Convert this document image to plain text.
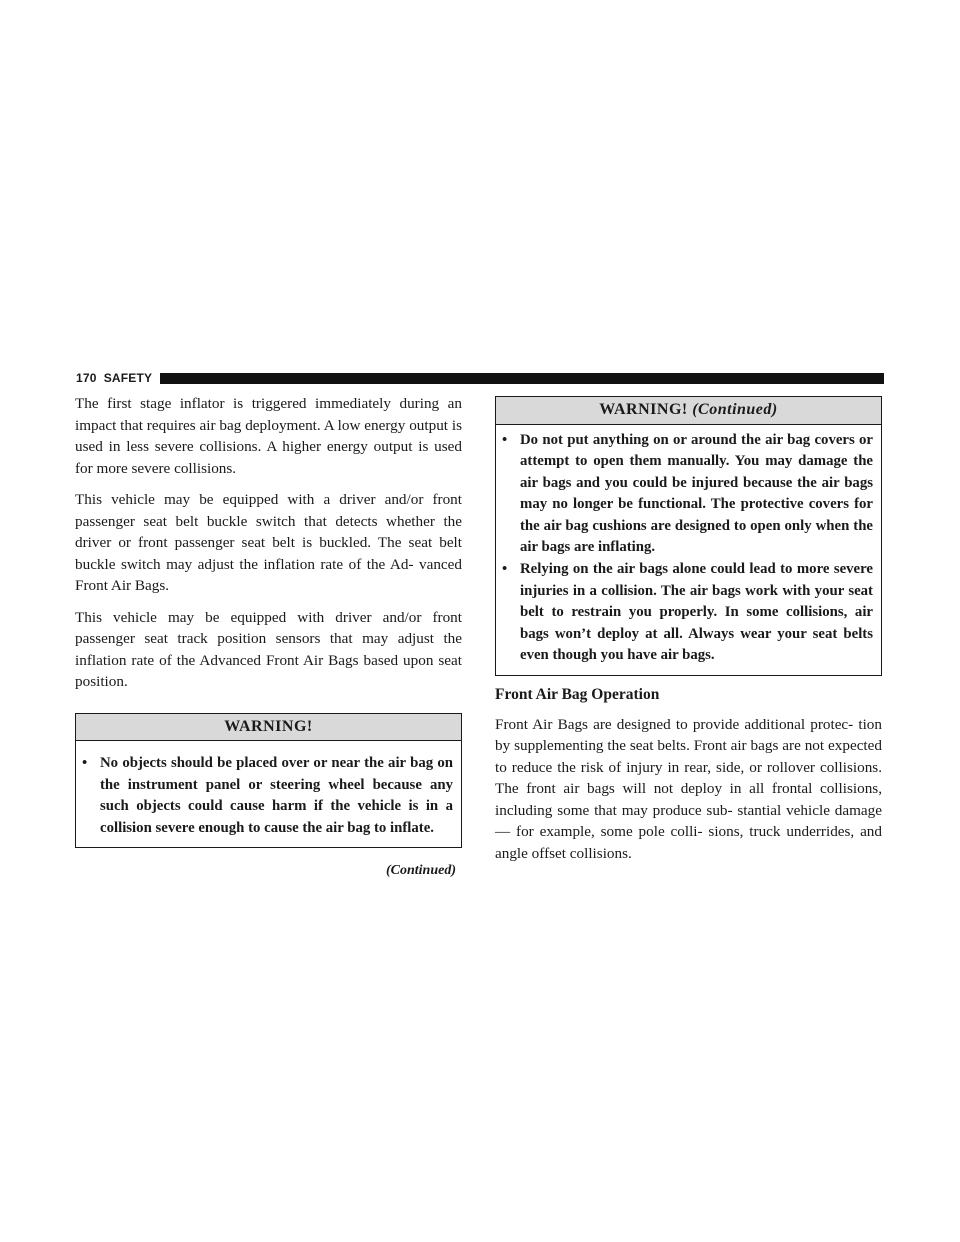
170  SAFETY

The first stage inflator is triggered immediately during an impact that requires air bag deployment. A low energy output is used in less severe collisions. A higher energy output is used for more severe collisions.

This vehicle may be equipped with a driver and/or front passenger seat belt buckle switch that detects whether the driver or front passenger seat belt is buckled. The seat belt buckle switch may adjust the inflation rate of the Ad- vanced Front Air Bags.

This vehicle may be equipped with driver and/or front passenger seat track position sensors that may adjust the inflation rate of the Advanced Front Air Bags based upon seat position.

WARNING!
• No objects should be placed over or near the air bag on the instrument panel or steering wheel because any such objects could cause harm if the vehicle is in a collision severe enough to cause the air bag to inflate.
(Continued)
WARNING! (Continued)
• Do not put anything on or around the air bag covers or attempt to open them manually. You may damage the air bags and you could be injured because the air bags may no longer be functional. The protective covers for the air bag cushions are designed to open only when the air bags are inflating.
• Relying on the air bags alone could lead to more severe injuries in a collision. The air bags work with your seat belt to restrain you properly. In some collisions, air bags won’t deploy at all. Always wear your seat belts even though you have air bags.
Front Air Bag Operation

Front Air Bags are designed to provide additional protec- tion by supplementing the seat belts. Front air bags are not expected to reduce the risk of injury in rear, side, or rollover collisions. The front air bags will not deploy in all frontal collisions, including some that may produce sub- stantial vehicle damage — for example, some pole colli- sions, truck underrides, and angle offset collisions.
